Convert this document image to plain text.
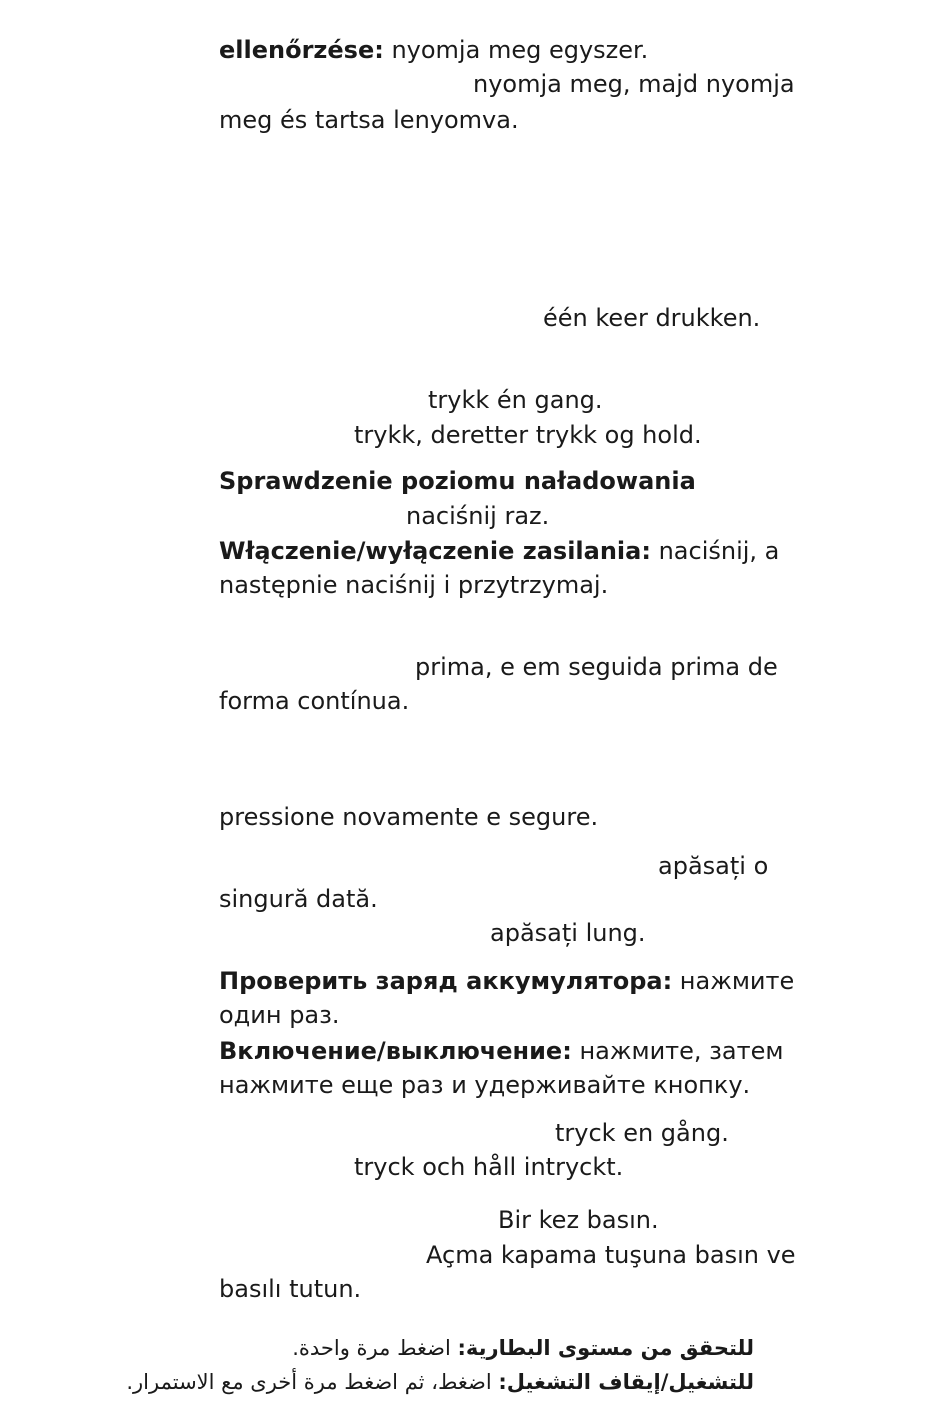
ellenőrzése: nyomja meg egyszer.

nyomja meg, majd nyomja

meg és tartsa lenyomva.

één keer drukken.

trykk én gang.

trykk, deretter trykk og hold.

Sprawdzenie poziomu naładowania

naciśnij raz.

Włączenie/wyłączenie zasilania: naciśnij, a

następnie naciśnij i przytrzymaj.

prima, e em seguida prima de

forma contínua.

pressione novamente e segure.

apăsați o

singură dată.

apăsați lung.

Проверить заряд аккумулятора: нажмите

один раз.

Включение/выключение: нажмите, затем

нажмите еще раз и удерживайте кнопку.

tryck en gång.

tryck och håll intryckt.

Bir kez basın.

Açma kapama tuşuna basın ve

basılı tutun.

للتحقق من مستوى البطارية: اضغط مرة واحدة.

للتشغيل/إيقاف التشغيل: اضغط، ثم اضغط مرة أخرى مع الاستمرار.
